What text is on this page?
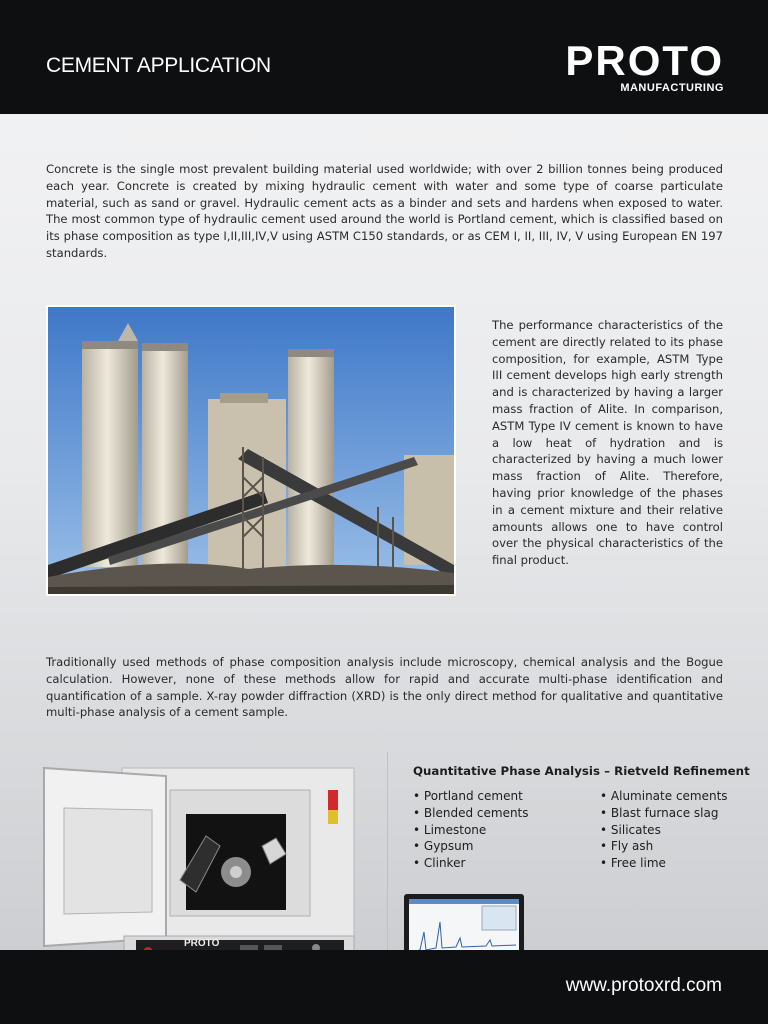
CEMENT APPLICATION	PROTO
MANUFACTURING
Concrete is the single most prevalent building material used worldwide; with over 2 billion tonnes being produced each year. Concrete is created by mixing hydraulic cement with water and some type of coarse particulate material, such as sand or gravel. Hydraulic cement acts as a binder and sets and hardens when exposed to water. The most common type of hydraulic cement used around the world is Portland cement, which is classified based on its phase composition as type I,II,III,IV,V using ASTM C150 standards, or as CEM I, II, III, IV, V using European EN 197 standards.
The performance characteristics of the cement are directly related to its phase composition, for example, ASTM Type III cement develops high early strength and is characterized by having a larger mass fraction of Alite. In comparison, ASTM Type IV cement is known to have a low heat of hydration and is characterized by having a much lower mass fraction of Alite. Therefore, having prior knowledge of the phases in a cement mixture and their relative amounts allows one to have control over the physical characteristics of the final product.
Traditionally used methods of phase composition analysis include microscopy, chemical analysis and the Bogue calculation. However, none of these methods allow for rapid and accurate multi-phase identification and quantification of a sample. X-ray powder diffraction (XRD) is the only direct method for qualitative and quantitative multi-phase analysis of a cement sample.
PROTO
Quantitative Phase Analysis – Rietveld Refinement
• Portland cement
• Blended cements
• Limestone
• Gypsum
• Clinker
• Aluminate cements
• Blast furnace slag
• Silicates
• Fly ash
• Free lime
www.protoxrd.com
